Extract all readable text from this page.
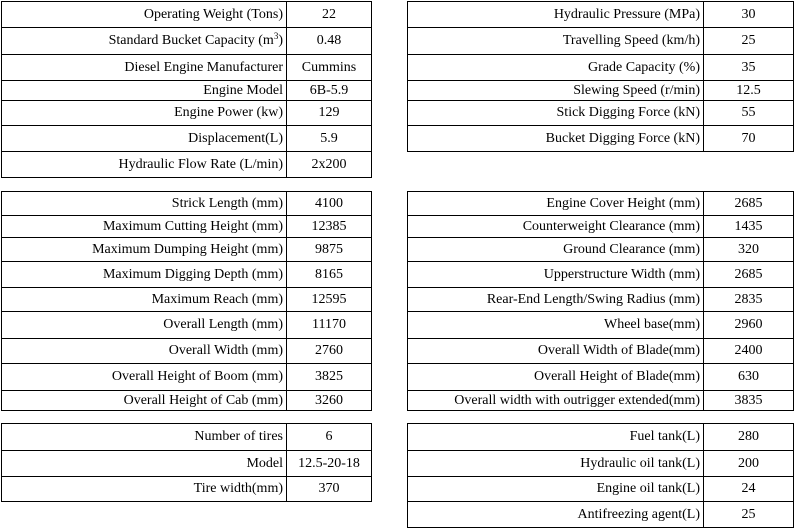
Operating Weight (Tons)	22
Standard Bucket Capacity $(m^3)$	0.48
Diesel Engine Manufacturer	Cummins
Engine Model	6B-5.9
Engine Power (kw)	129
Displacement(L)	5.9
Hydraulic Flow Rate (L/min)	2x200
Hydraulic Pressure (MPa)	30
Travelling Speed (km/h)	25
Grade Capacity (%)	35
Slewing Speed (r/min)	12.5
Stick Digging Force (kN)	55
Bucket Digging Force (kN)	70
Strick Length (mm)	4100
Maximum Cutting Height (mm)	12385
Maximum Dumping Height (mm)	9875
Maximum Digging Depth (mm)	8165
Maximum Reach (mm)	12595
Overall Length (mm)	11170
Overall Width (mm)	2760
Overall Height of Boom (mm)	3825
Overall Height of Cab (mm)	3260
Engine Cover Height (mm)	2685
Counterweight Clearance (mm)	1435
Ground Clearance (mm)	320
Upperstructure Width (mm)	2685
Rear-End Length/Swing Radius (mm)	2835
Wheel base(mm)	2960
Overall Width of Blade(mm)	2400
Overall Height of Blade(mm)	630
Overall width with outrigger extended(mm)	3835
Number of tires	6
Model	12.5-20-18
Tire width(mm)	370
Fuel tank(L)	280
Hydraulic oil tank(L)	200
Engine oil tank(L)	24
Antifreezing agent(L)	25
